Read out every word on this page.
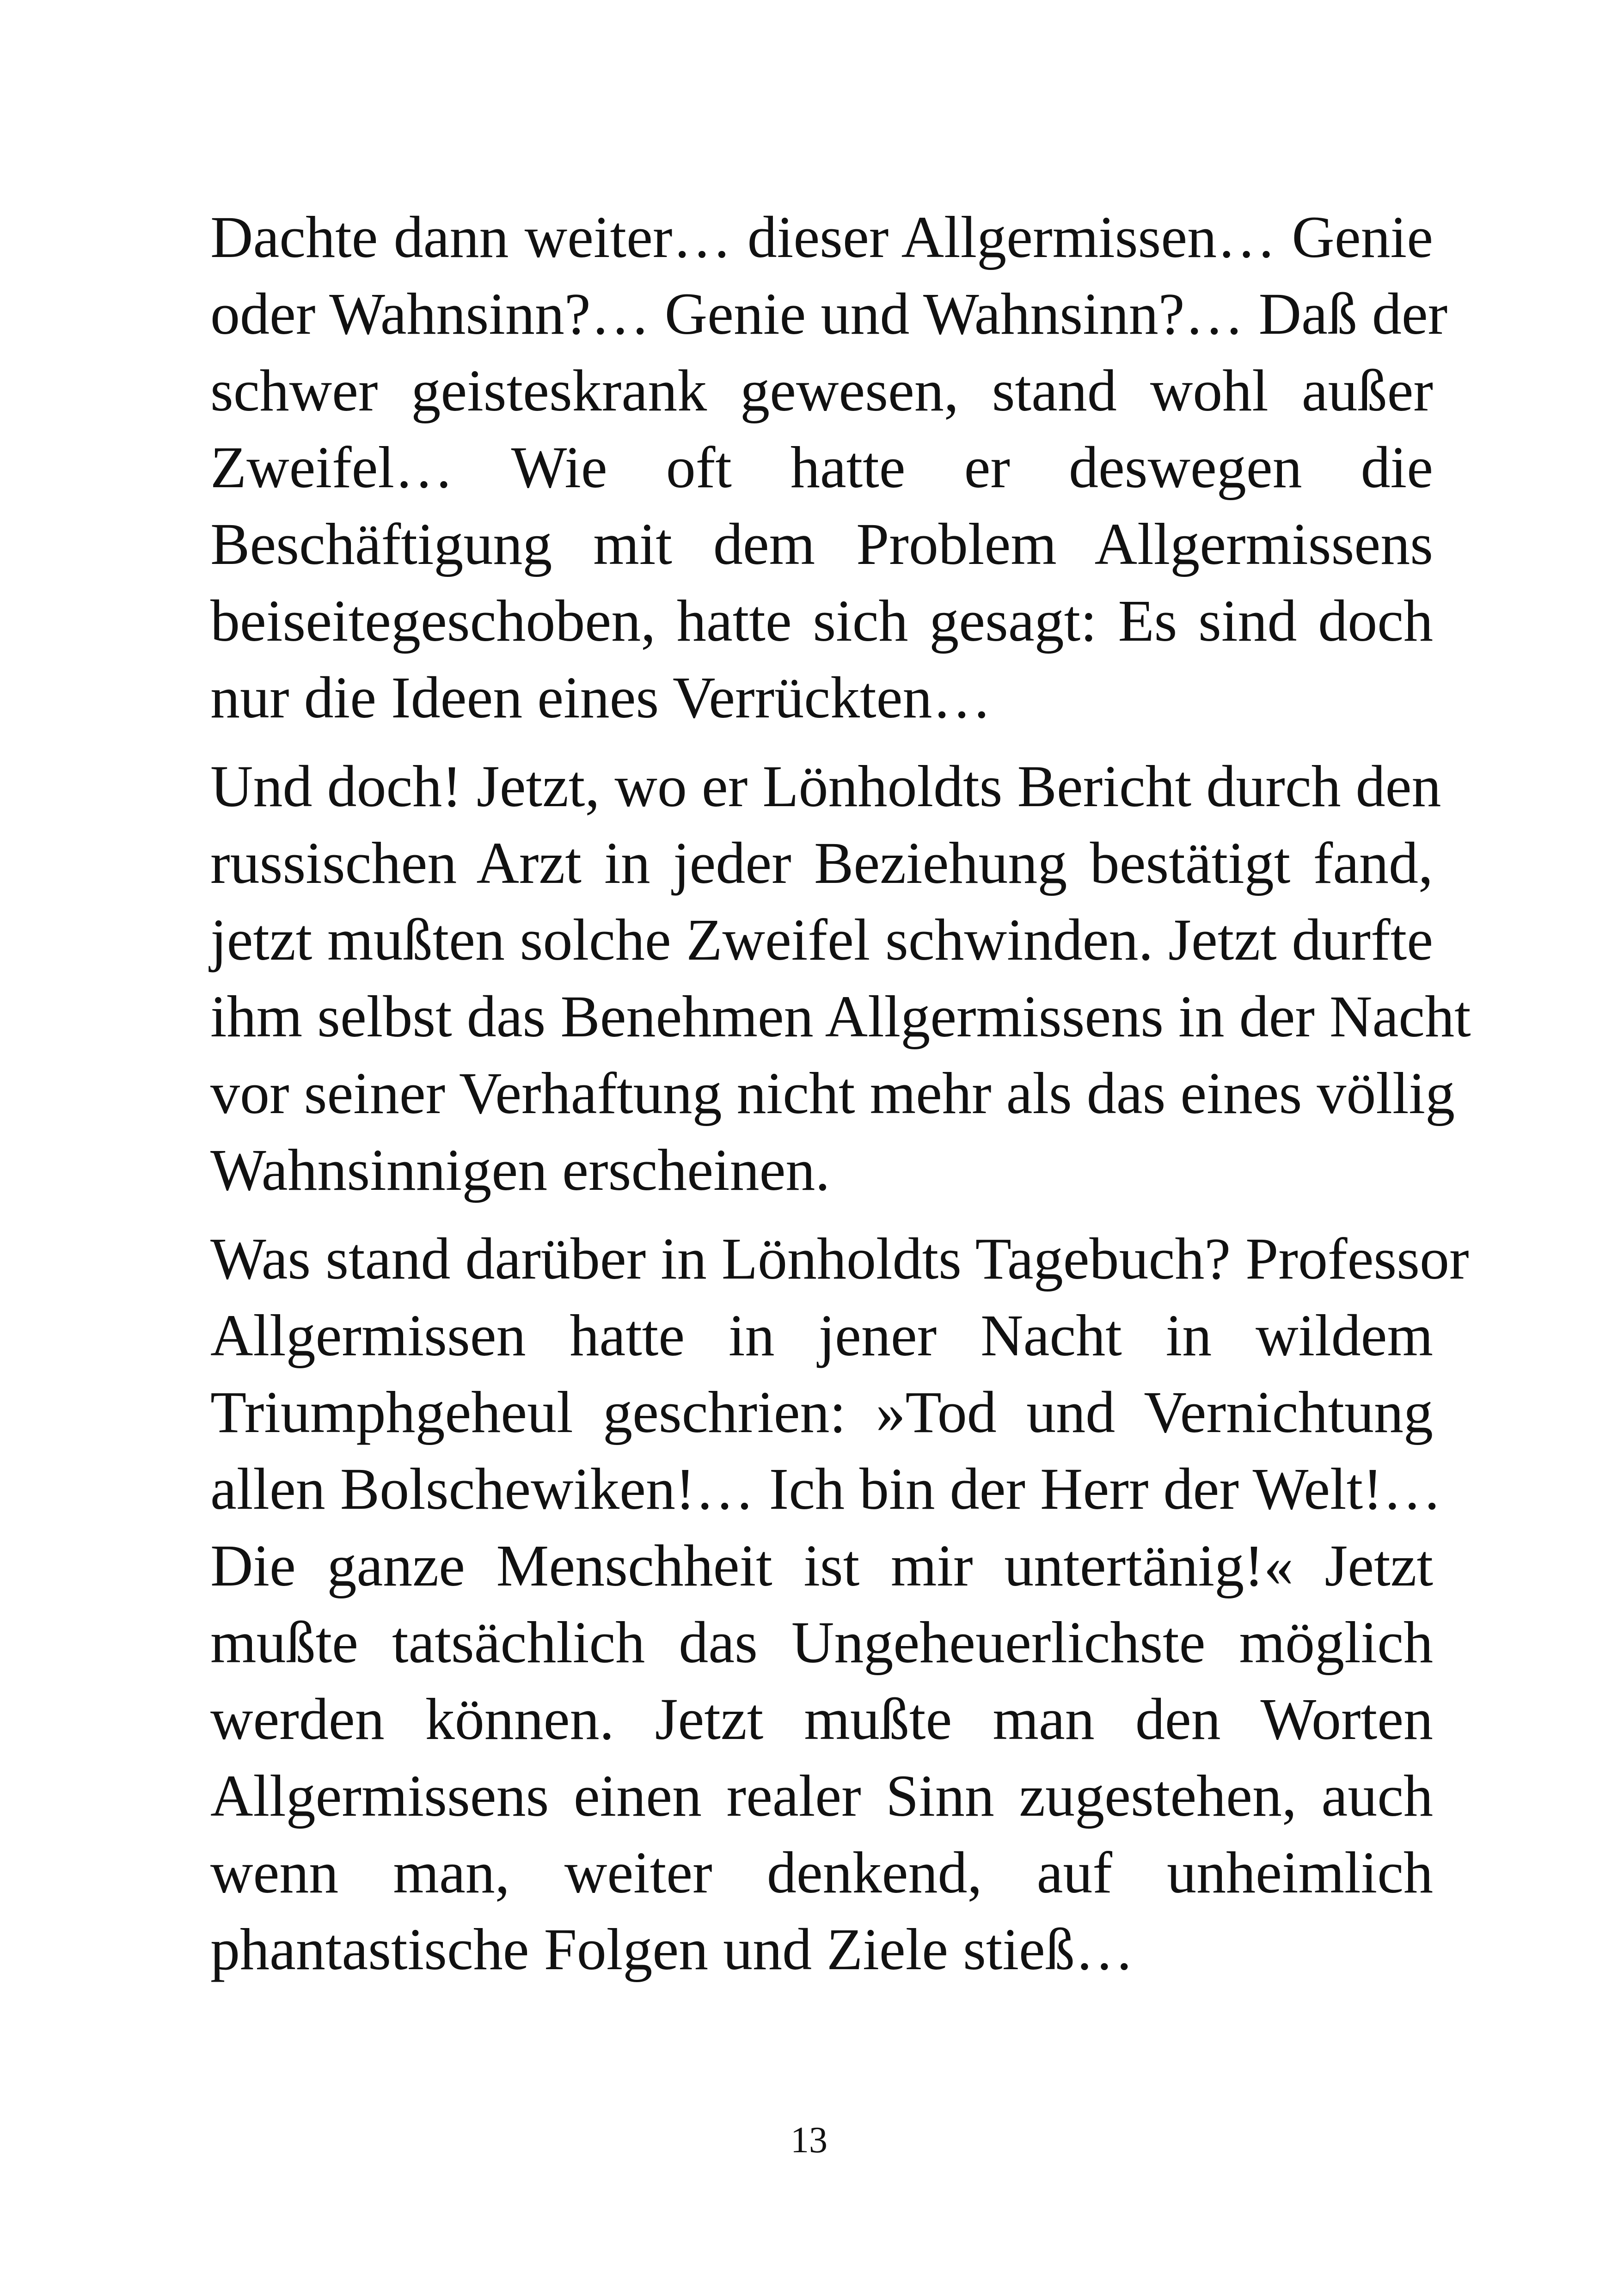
Dachte dann weiter… dieser Allgermissen… Genie
oder Wahnsinn?… Genie und Wahnsinn?… Daß der
schwer geisteskrank gewesen, stand wohl außer
Zweifel… Wie oft hatte er deswegen die
Beschäftigung mit dem Problem Allgermissens
beiseitegeschoben, hatte sich gesagt: Es sind doch
nur die Ideen eines Verrückten…

Und doch! Jetzt, wo er Lönholdts Bericht durch den
russischen Arzt in jeder Beziehung bestätigt fand,
jetzt mußten solche Zweifel schwinden. Jetzt durfte
ihm selbst das Benehmen Allgermissens in der Nacht
vor seiner Verhaftung nicht mehr als das eines völlig
Wahnsinnigen erscheinen.

Was stand darüber in Lönholdts Tagebuch? Professor
Allgermissen hatte in jener Nacht in wildem
Triumphgeheul geschrien: »Tod und Vernichtung
allen Bolschewiken!… Ich bin der Herr der Welt!…
Die ganze Menschheit ist mir untertänig!« Jetzt
mußte tatsächlich das Ungeheuerlichste möglich
werden können. Jetzt mußte man den Worten
Allgermissens einen realer Sinn zugestehen, auch
wenn man, weiter denkend, auf unheimlich
phantastische Folgen und Ziele stieß…

13
